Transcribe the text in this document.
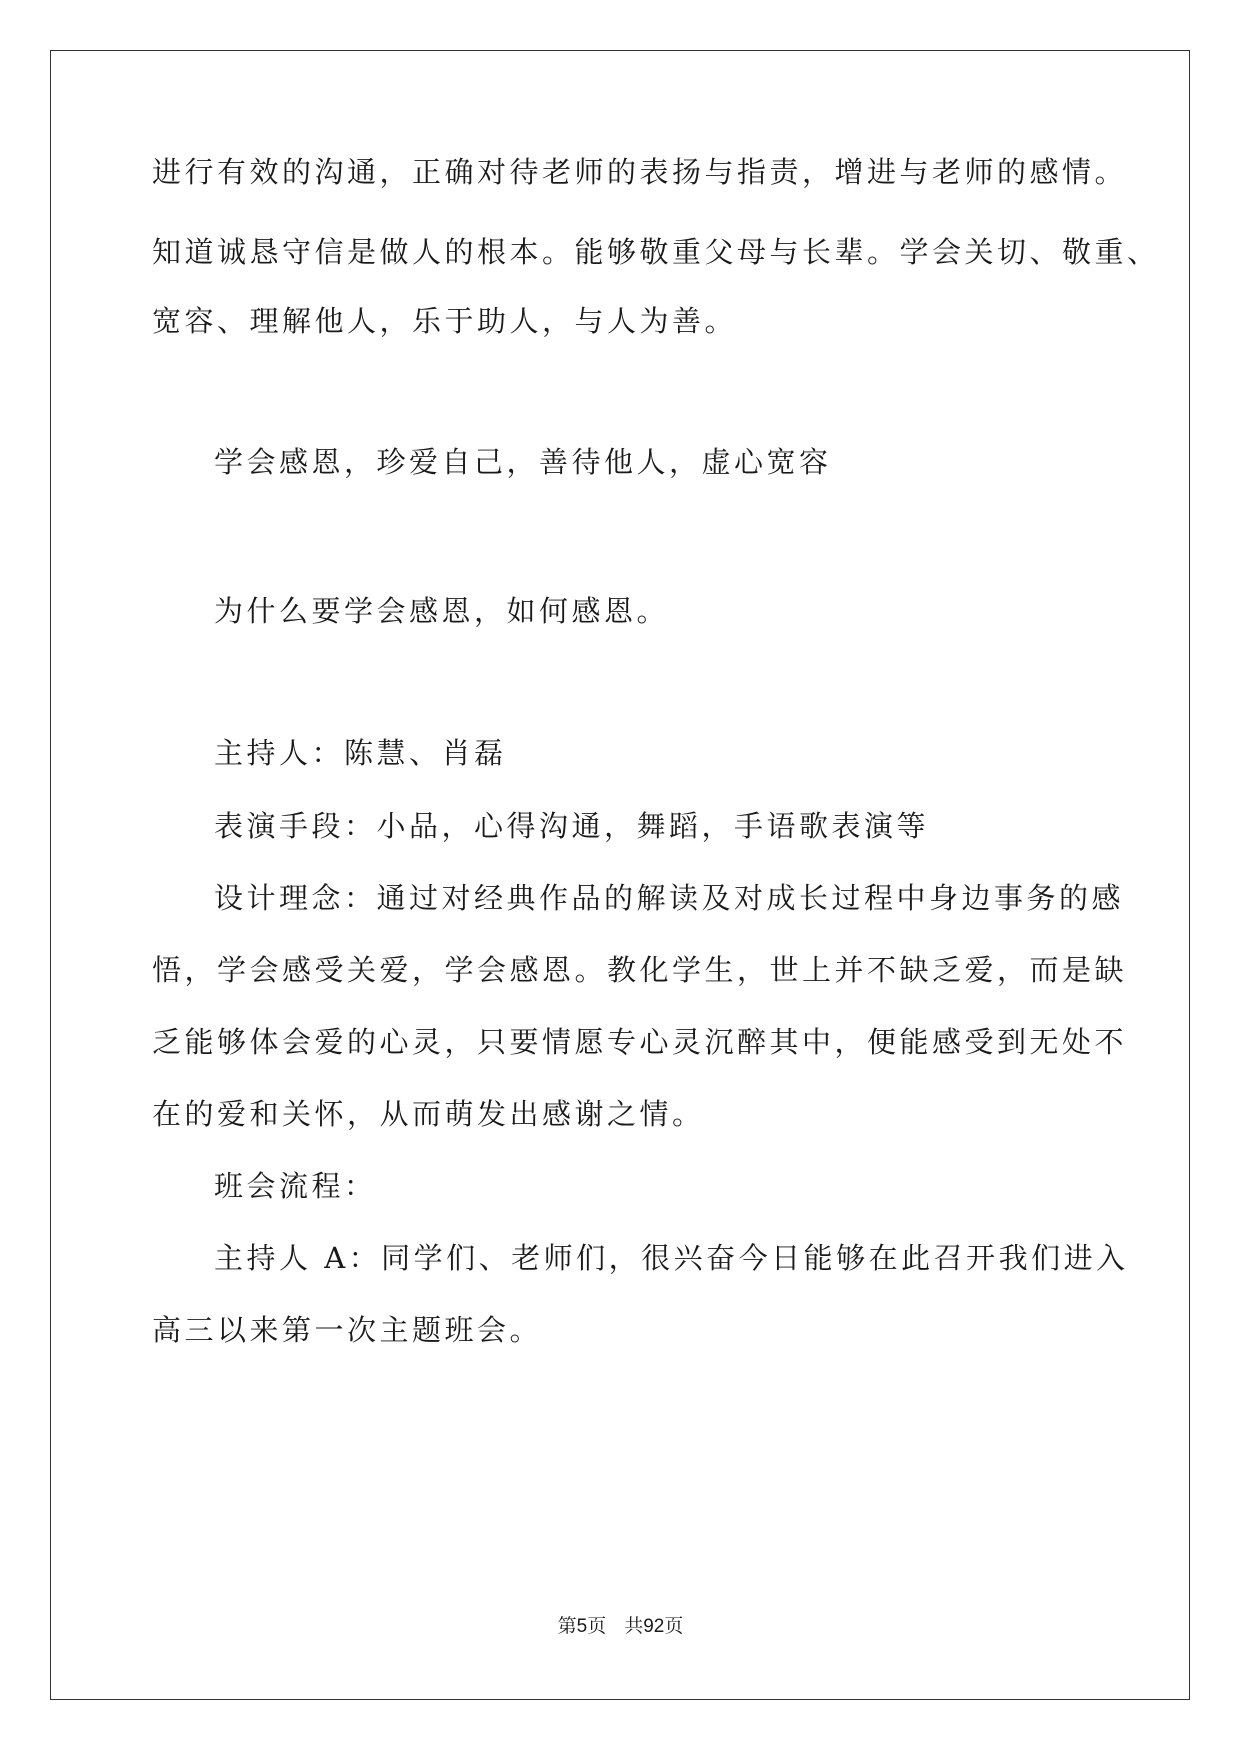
进行有效的沟通，正确对待老师的表扬与指责，增进与老师的感情。
知道诚恳守信是做人的根本。能够敬重父母与长辈。学会关切、敬重、
宽容、理解他人，乐于助人，与人为善。
学会感恩，珍爱自己，善待他人，虚心宽容
为什么要学会感恩，如何感恩。
主持人：陈慧、肖磊
表演手段：小品，心得沟通，舞蹈，手语歌表演等
设计理念：通过对经典作品的解读及对成长过程中身边事务的感
悟，学会感受关爱，学会感恩。教化学生，世上并不缺乏爱，而是缺
乏能够体会爱的心灵，只要情愿专心灵沉醉其中，便能感受到无处不
在的爱和关怀，从而萌发出感谢之情。
班会流程：
主持人 A：同学们、老师们，很兴奋今日能够在此召开我们进入
高三以来第一次主题班会。
第5页 共92页
